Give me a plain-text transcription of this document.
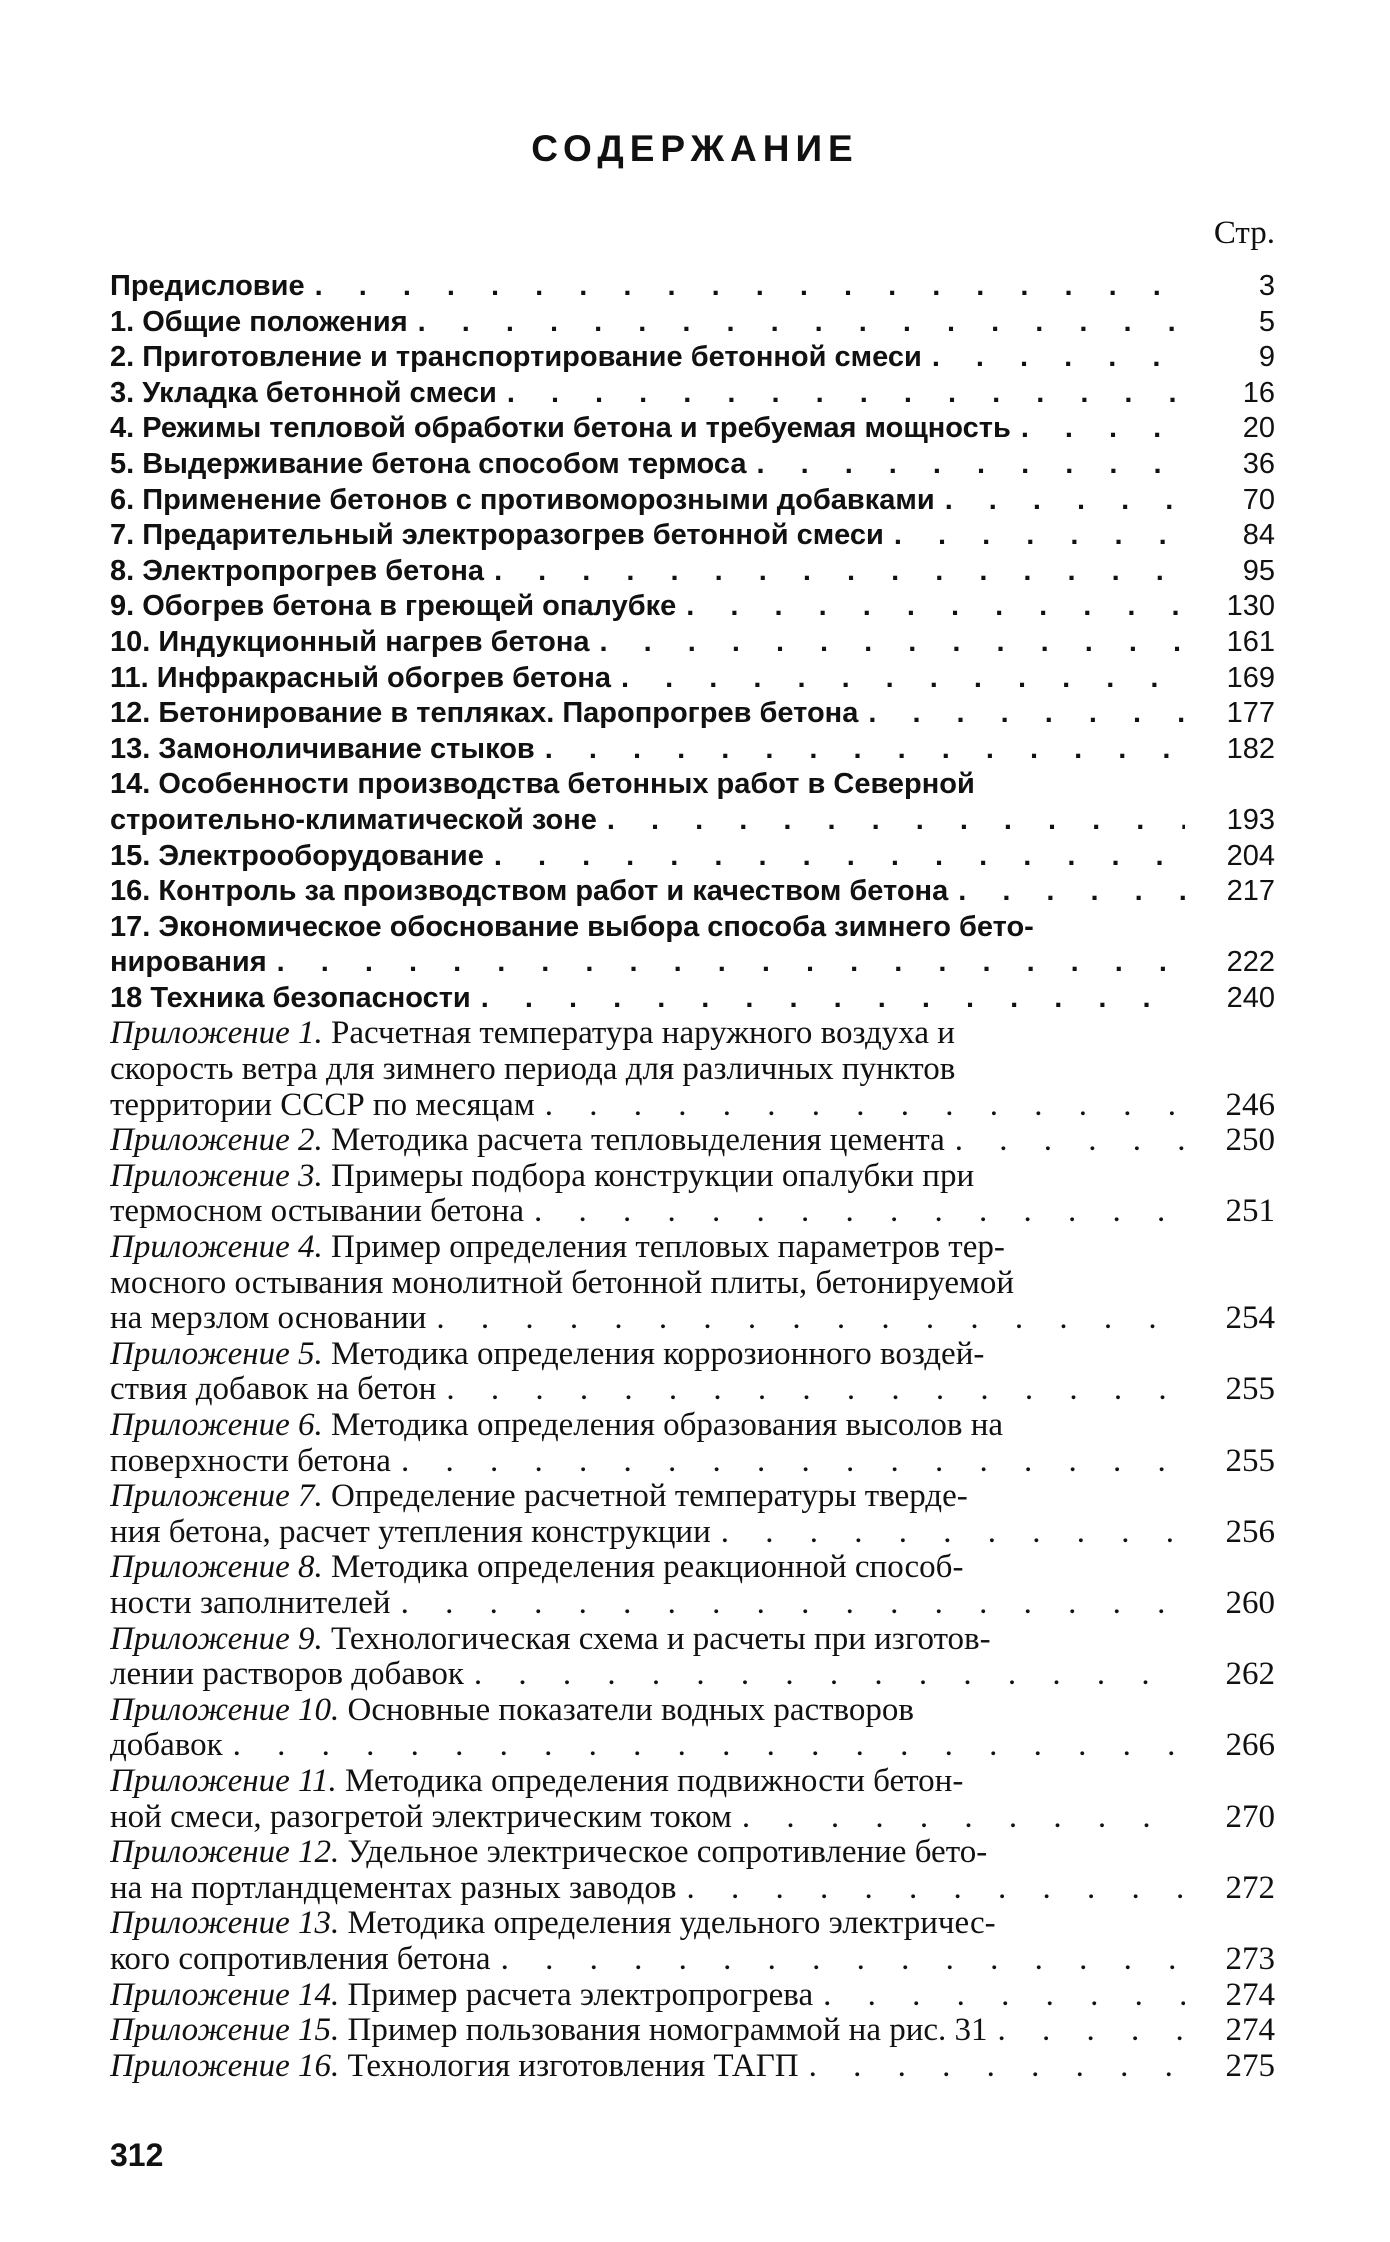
СОДЕРЖАНИЕ
Стр.
Предисловие . . .	3
1. Общие положения . . .	5
2. Приготовление и транспортирование бетонной смеси . . .	9
3. Укладка бетонной смеси . . .	16
4. Режимы тепловой обработки бетона и требуемая мощность . . .	20
5. Выдерживание бетона способом термоса . . .	36
6. Применение бетонов с противоморозными добавками . . .	70
7. Предарительный электроразогрев бетонной смеси . . .	84
8. Электропрогрев бетона . . .	95
9. Обогрев бетона в греющей опалубке . . .	130
10. Индукционный нагрев бетона . . .	161
11. Инфракрасный обогрев бетона . . .	169
12. Бетонирование в тепляках. Паропрогрев бетона . . .	177
13. Замоноличивание стыков . . .	182
14. Особенности производства бетонных работ в Северной
строительно-климатической зоне . . .	193
15. Электрооборудование . . .	204
16. Контроль за производством работ и качеством бетона . . .	217
17. Экономическое обоснование выбора способа зимнего бето-
нирования . . .	222
18 Техника безопасности . . .	240
Приложение 1. Расчетная температура наружного воздуха и
скорость ветра для зимнего периода для различных пунктов
территории СССР по месяцам . . .	246
Приложение 2. Методика расчета тепловыделения цемента . . .	250
Приложение 3. Примеры подбора конструкции опалубки при
термосном остывании бетона . . .	251
Приложение 4. Пример определения тепловых параметров тер-
мосного остывания монолитной бетонной плиты, бетонируемой
на мерзлом основании . . .	254
Приложение 5. Методика определения коррозионного воздей-
ствия добавок на бетон . . .	255
Приложение 6. Методика определения образования высолов на
поверхности бетона . . .	255
Приложение 7. Определение расчетной температуры тверде-
ния бетона, расчет утепления конструкции . . .	256
Приложение 8. Методика определения реакционной способ-
ности заполнителей . . .	260
Приложение 9. Технологическая схема и расчеты при изготов-
лении растворов добавок . . .	262
Приложение 10. Основные показатели водных растворов
добавок . . .	266
Приложение 11. Методика определения подвижности бетон-
ной смеси, разогретой электрическим током . . .	270
Приложение 12. Удельное электрическое сопротивление бето-
на на портландцементах разных заводов . . .	272
Приложение 13. Методика определения удельного электричес-
кого сопротивления бетона . . .	273
Приложение 14. Пример расчета электропрогрева . . .	274
Приложение 15. Пример пользования номограммой на рис. 31 . . .	274
Приложение 16. Технология изготовления ТАГП . . .	275
312
